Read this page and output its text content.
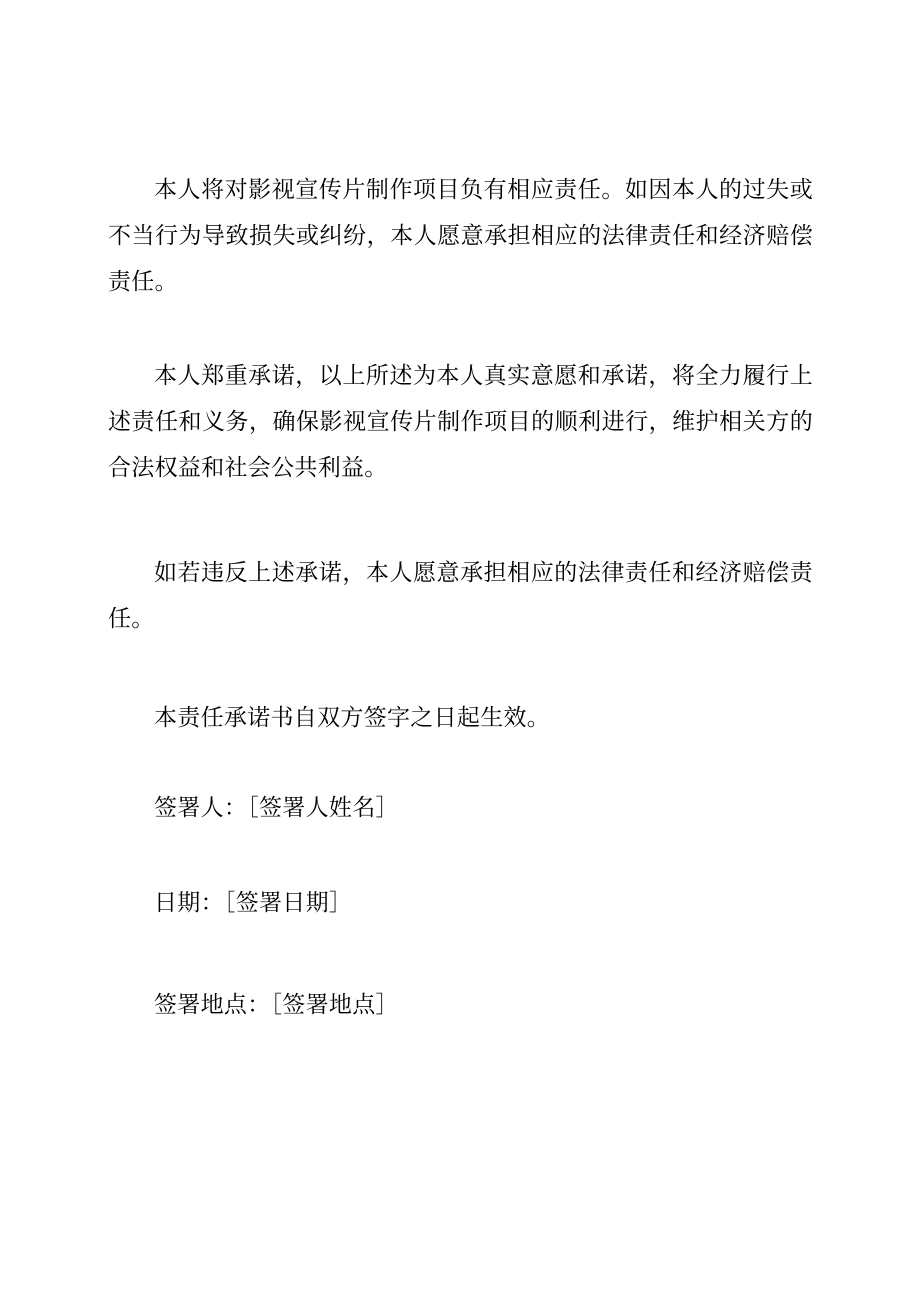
本人将对影视宣传片制作项目负有相应责任。如因本人的过失或不当行为导致损失或纠纷，本人愿意承担相应的法律责任和经济赔偿责任。

本人郑重承诺，以上所述为本人真实意愿和承诺，将全力履行上述责任和义务，确保影视宣传片制作项目的顺利进行，维护相关方的合法权益和社会公共利益。

如若违反上述承诺，本人愿意承担相应的法律责任和经济赔偿责任。

本责任承诺书自双方签字之日起生效。

签署人：［签署人姓名］

日期：［签署日期］

签署地点：［签署地点］
